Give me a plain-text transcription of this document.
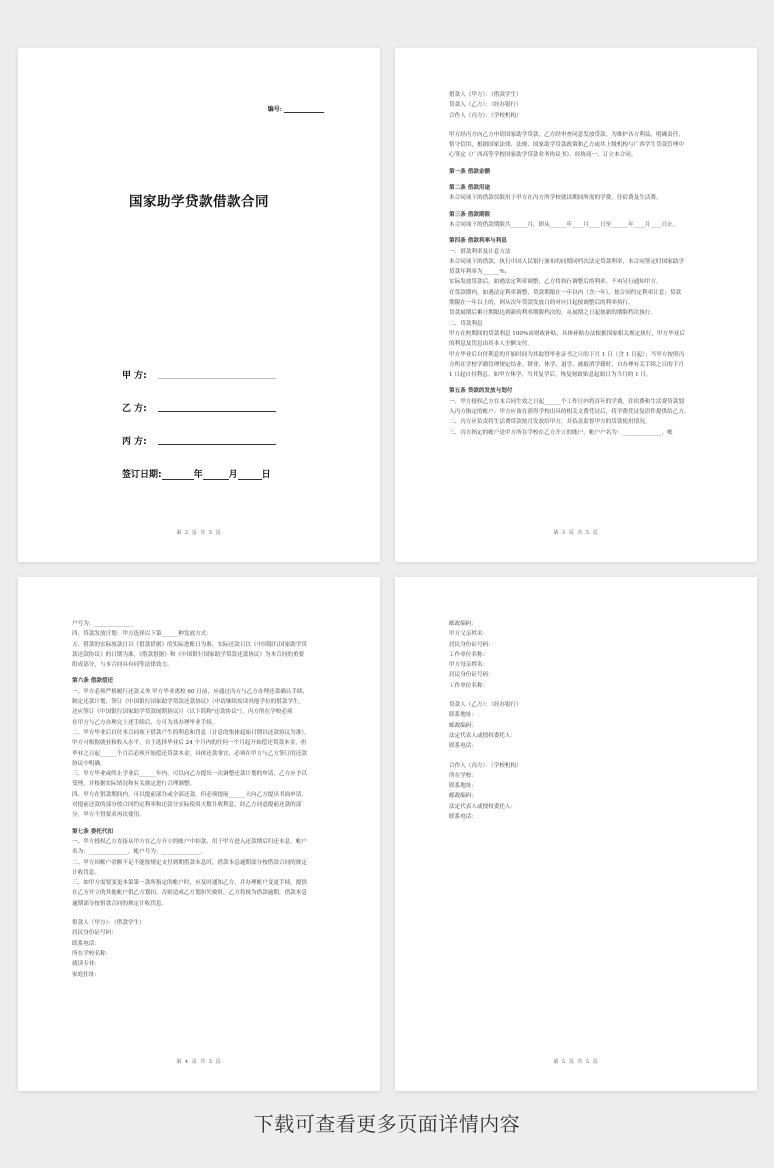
编号:
国家助学贷款借款合同
甲 方:
乙 方:
丙 方:
签订日期:	年	月	日
第 2 页 共 5 页

借款人（甲方）：（借款学生）

贷款人（乙方）：（经办银行）

合作人（丙方）：（学校机构）

甲方经丙方向乙方申请国家助学贷款，乙方经审查同意发放贷款。为维护各方利益，明确责任，

恪守信用，根据国家法律、法规、国家助学贷款政策和乙方或其上级机构与广西学生贷款管理中

心签定《广西高等学校国家助学贷款业务协议书》，经协商一，订立本合同。

第一条 借款金额

第二条 借款用途

本合同项下的借款仅限用于甲方在丙方所学校就读期间所需的学费、住宿费及生活费。

第三条 借款期限

本合同项下的借款期限共______月，即从______年____月____日至______年____月____日止。

第四条 借款利率与利息

一、借款利率及计息方法

本合同项下的借款，执行中国人民银行颁布的同期同档次法定贷款利率，本合同签定时国家助学

贷款年利率为______%。

实际发放贷款后，如遇法定利率调整，乙方将执行调整后的利率，不再另行通知甲方。

在贷款期内，如遇法定利率调整，贷款期限在一年以内（含一年），按合同约定利率计息；贷款

期限在一年以上的，则从次年贷款发放日的对应日起按调整后的利率执行。

贷款展期后累计期限达到新的利率期限档次的，从展期之日起按新的期限档次执行。

二、贷款利息

甲方在校期间的贷款利息 100%由财政补贴，具体补贴办法根据国家相关规定执行，甲方毕业后

的利息及罚息由其本人全额支付。

甲方毕业后自付利息的开始时间为其取得毕业证书之日的下月 1 日（含 1 日起）；当甲方按照丙

方所在学校学籍管理规定结业、肄业、休学、退学、被取消学籍时，自办理有关手续之日的下月

1 日起自付利息。如甲方休学，当其复学后，恢复财政贴息起始日为当月的 1 日。

第五条 贷款的发放与划付

一、甲方授权乙方在本合同生效之日起______个工作日内将首年的学费、住宿费和生活费贷款划

入丙方指定的帐户；甲方应该在获得学校出具的相关文费凭证后，将学费凭证复印件提供给乙方。

二、丙方应负责将生活费贷款按月发放给甲方，并负责监督甲方的贷款使用情况。

三、丙方指定的帐户是甲方所在学校在乙方开立的账户，帐户户名为：______________，帐

第 3 页 共 5 页

户号为：______________

四、贷款发放计划：甲方选择以下第______种发放方式：

五、借款的实际放款日以《借款借据》的实际进账日为准，实际还款日以《中国银行国家助学贷

款还款协议》的日期为准，《借款借据》和《中国银行国家助学贷款还款协议》为本合同的重要

组成部分，与本合同具有同等法律效力。

第六条 借款偿还

一、甲方必须严格履行还款义务 甲方毕业离校 60 日前，应通过丙方与乙方办理还款确认手续，

制定还款计划，签订《中国银行国家助学贷款还款协议》（申请继续攻读其他学位的借款学生，

还应签订《中国银行国家助学贷款展期协议》）（以下简称"还款协议"），丙方所在学校必须

在甲方与乙方办理完上述手续后，方可为其办理毕业手续。

二、甲方毕业后自付本合同项下借款产生的利息和罚息（计息的集体起始日期以还款协议为准），

甲方可根据就业和收入水平，自主选择毕业后 24 个月内的任何一个月起开始偿还贷款本金，但

毕业之日起______个月后必须开始偿还贷款本金，具体还款事宜，必须在甲方与乙方签订的还款

协议中明确。

三、甲方毕业或终止学业后______年内，可以向乙方提出一次调整还款计划的申请，乙方应予以

受理，并根据实际情况和有关规定进行合理调整。

四、甲方在借款期间内，可以提前部分或全部还款，但必须提前______天向乙方提出书面申请，

对提前还款的部分按合同约定利率和还款分实际使用天数计收利息，经乙方同意提前还款的部

分，甲方不得要求再次使用。

第七条 委托代扣

一、甲方授权乙方直接从甲方在乙方开立的帐户中扣款，用于甲方进入还款期后归还本息，帐户

名为：______________，帐户号为：______________。

二、甲方因帐户余额不足不能按规定支付到期借款本息时，借款本息逾期部分按借款合同的规定

计收罚息。

三、如甲方需要变更本第第一款所指定的帐户时，应及时通知乙方，并办理帐户变更手续，提供

在乙方开立的其他帐户供乙方划扣，否则造成乙方划扣失败时，乙方将视为借款逾期，借款本息

逾期部分按借款合同的规定计收罚息。

借款人（甲方）：（借款学生）

居民身份证号码：

联系电话：

所在学校名称：

就读专业：

家庭住址：

第 4 页 共 5 页

邮政编码：

甲方父亲姓名：

居民身份证号码：

工作单位名称：

甲方母亲姓名：

居民身份证号码：

工作单位名称：

贷款人（乙方）：（经办银行）

联系地址：

邮政编码：

法定代表人或授权委托人：

联系电话：

合作人（丙方）：（学校机构）

所在学校：

联系地址：

邮政编码：

法定代表人或授权委托人：

联系电话：

第 5 页 共 5 页
下载可查看更多页面详情内容
